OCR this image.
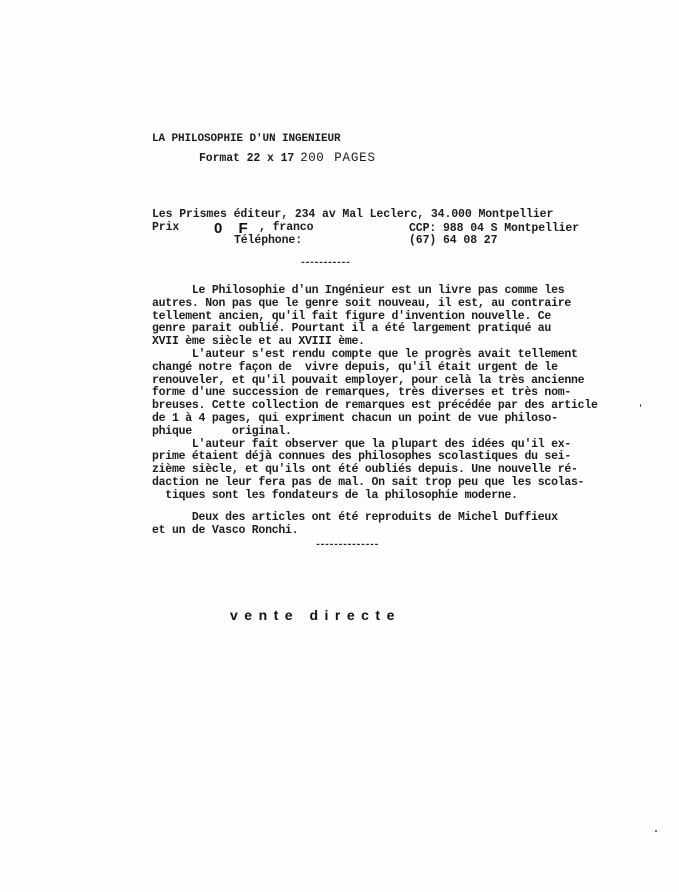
LA PHILOSOPHIE D'UN INGENIEUR
Format 22 x 17 200 PAGES
Les Prismes éditeur, 234 av Mal Leclerc, 34.000 Montpellier
Prix 0 F , franco	CCP: 988 04 S Montpellier
Téléphone:	(67) 64 08 27
-----------
Le Philosophie d'un Ingénieur est un livre pas comme les
autres. Non pas que le genre soit nouveau, il est, au contraire
tellement ancien, qu'il fait figure d'invention nouvelle. Ce
genre parait oublié. Pourtant il a été largement pratiqué au
XVII ème siècle et au XVIII ème.
L'auteur s'est rendu compte que le progrès avait tellement
changé notre façon de  vivre depuis, qu'il était urgent de le
renouveler, et qu'il pouvait employer, pour celà la très ancienne
forme d'une succession de remarques, très diverses et très nom-
breuses. Cette collection de remarques est précédée par des article
de 1 à 4 pages, qui expriment chacun un point de vue philoso-
phique      original.
L'auteur fait observer que la plupart des idées qu'il ex-
prime étaient déjà connues des philosophes scolastiques du sei-
zième siècle, et qu'ils ont été oubliés depuis. Une nouvelle ré-
daction ne leur fera pas de mal. On sait trop peu que les scolas-
tiques sont les fondateurs de la philosophie moderne.
Deux des articles ont été reproduits de Michel Duffieux
et un de Vasco Ronchi.
--------------
vente directe
